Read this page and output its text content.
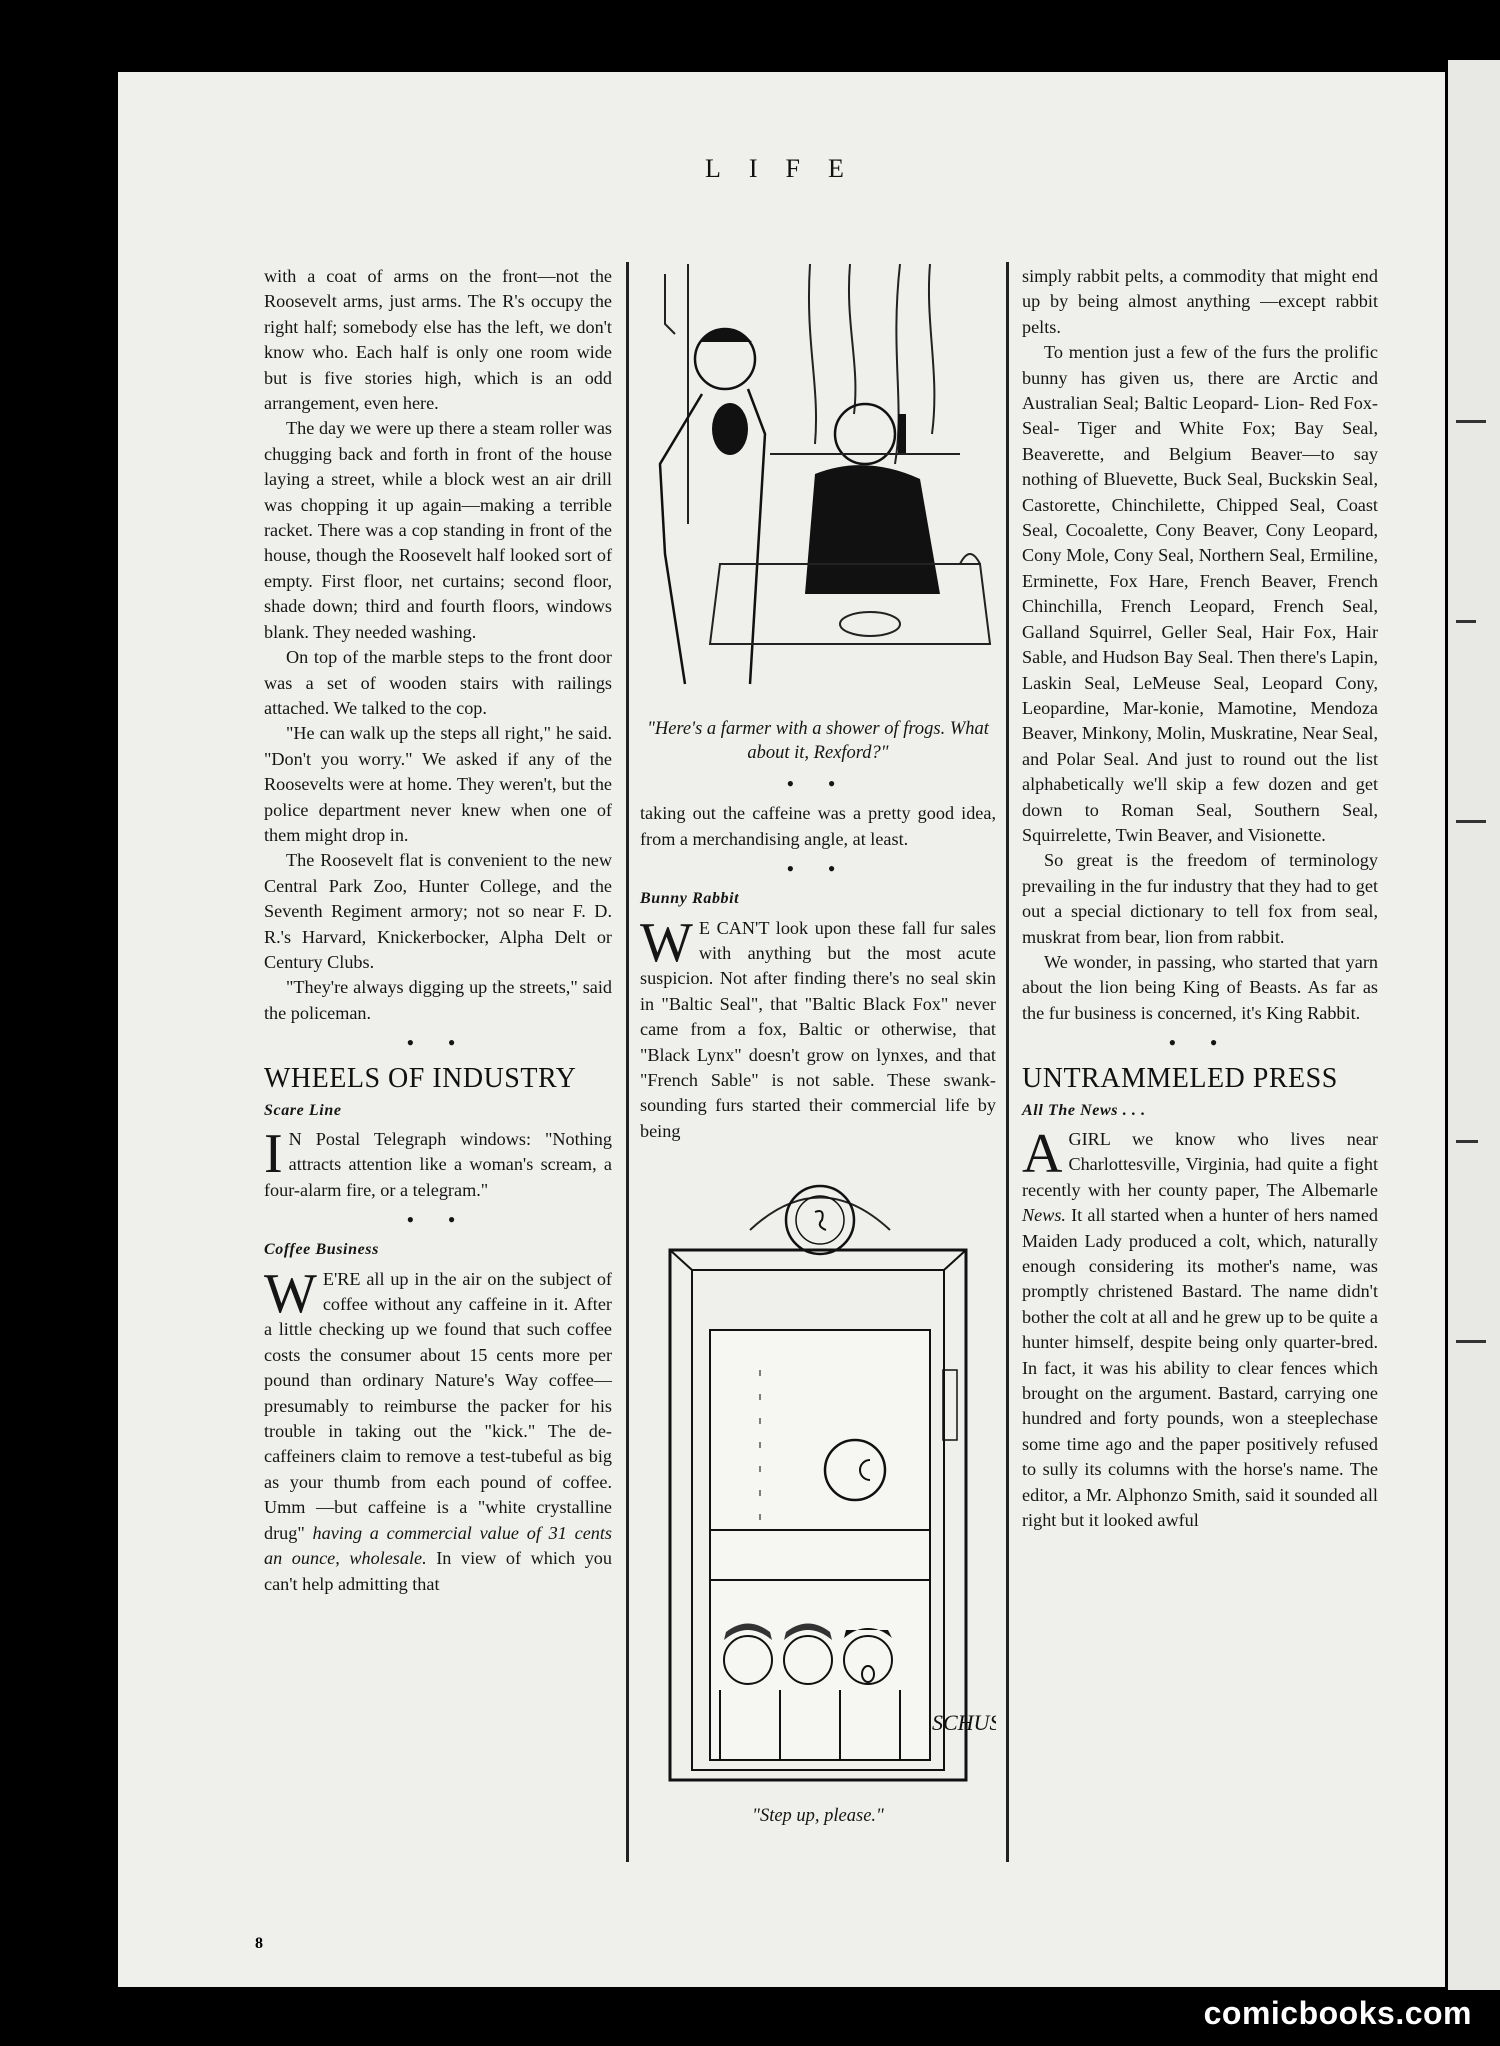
LIFE

with a coat of arms on the front—not the Roosevelt arms, just arms. The R's occupy the right half; somebody else has the left, we don't know who. Each half is only one room wide but is five stories high, which is an odd arrangement, even here.

The day we were up there a steam roller was chugging back and forth in front of the house laying a street, while a block west an air drill was chopping it up again—making a terrible racket. There was a cop standing in front of the house, though the Roosevelt half looked sort of empty. First floor, net curtains; second floor, shade down; third and fourth floors, windows blank. They needed washing.

On top of the marble steps to the front door was a set of wooden stairs with railings attached. We talked to the cop.

"He can walk up the steps all right," he said. "Don't you worry." We asked if any of the Roosevelts were at home. They weren't, but the police department never knew when one of them might drop in.

The Roosevelt flat is convenient to the new Central Park Zoo, Hunter College, and the Seventh Regiment armory; not so near F. D. R.'s Harvard, Knickerbocker, Alpha Delt or Century Clubs.

"They're always digging up the streets," said the policeman.

• •
WHEELS OF INDUSTRY
Scare Line

I N Postal Telegraph windows: "Nothing attracts attention like a woman's scream, a four-alarm fire, or a telegram."

• •
Coffee Business

W E'RE all up in the air on the subject of coffee without any caffeine in it. After a little checking up we found that such coffee costs the consumer about 15 cents more per pound than ordinary Nature's Way coffee—presumably to reimburse the packer for his trouble in taking out the "kick." The de-caffeiners claim to remove a test-tubeful as big as your thumb from each pound of coffee. Umm —but caffeine is a "white crystalline drug" having a commercial value of 31 cents an ounce, wholesale. In view of which you can't help admitting that

"Here's a farmer with a shower of frogs. What about it, Rexford?"
• •

taking out the caffeine was a pretty good idea, from a merchandising angle, at least.

• •
Bunny Rabbit

W E CAN'T look upon these fall fur sales with anything but the most acute suspicion. Not after finding there's no seal skin in "Baltic Seal", that "Baltic Black Fox" never came from a fox, Baltic or otherwise, that "Black Lynx" doesn't grow on lynxes, and that "French Sable" is not sable. These swank-sounding furs started their commercial life by being

SCHUS
"Step up, please."

simply rabbit pelts, a commodity that might end up by being almost anything —except rabbit pelts.

To mention just a few of the furs the prolific bunny has given us, there are Arctic and Australian Seal; Baltic Leopard- Lion- Red Fox- Seal- Tiger and White Fox; Bay Seal, Beaverette, and Belgium Beaver—to say nothing of Bluevette, Buck Seal, Buckskin Seal, Castorette, Chinchilette, Chipped Seal, Coast Seal, Cocoalette, Cony Beaver, Cony Leopard, Cony Mole, Cony Seal, Northern Seal, Ermiline, Erminette, Fox Hare, French Beaver, French Chinchilla, French Leopard, French Seal, Galland Squirrel, Geller Seal, Hair Fox, Hair Sable, and Hudson Bay Seal. Then there's Lapin, Laskin Seal, LeMeuse Seal, Leopard Cony, Leopardine, Mar-konie, Mamotine, Mendoza Beaver, Minkony, Molin, Muskratine, Near Seal, and Polar Seal. And just to round out the list alphabetically we'll skip a few dozen and get down to Roman Seal, Southern Seal, Squirrelette, Twin Beaver, and Visionette.

So great is the freedom of terminology prevailing in the fur industry that they had to get out a special dictionary to tell fox from seal, muskrat from bear, lion from rabbit.

We wonder, in passing, who started that yarn about the lion being King of Beasts. As far as the fur business is concerned, it's King Rabbit.

• •
UNTRAMMELED PRESS
All The News . . .

AGIRL we know who lives near Charlottesville, Virginia, had quite a fight recently with her county paper, The Albemarle News. It all started when a hunter of hers named Maiden Lady produced a colt, which, naturally enough considering its mother's name, was promptly christened Bastard. The name didn't bother the colt at all and he grew up to be quite a hunter himself, despite being only quarter-bred. In fact, it was his ability to clear fences which brought on the argument. Bastard, carrying one hundred and forty pounds, won a steeplechase some time ago and the paper positively refused to sully its columns with the horse's name. The editor, a Mr. Alphonzo Smith, said it sounded all right but it looked awful

8
comicbooks.com
